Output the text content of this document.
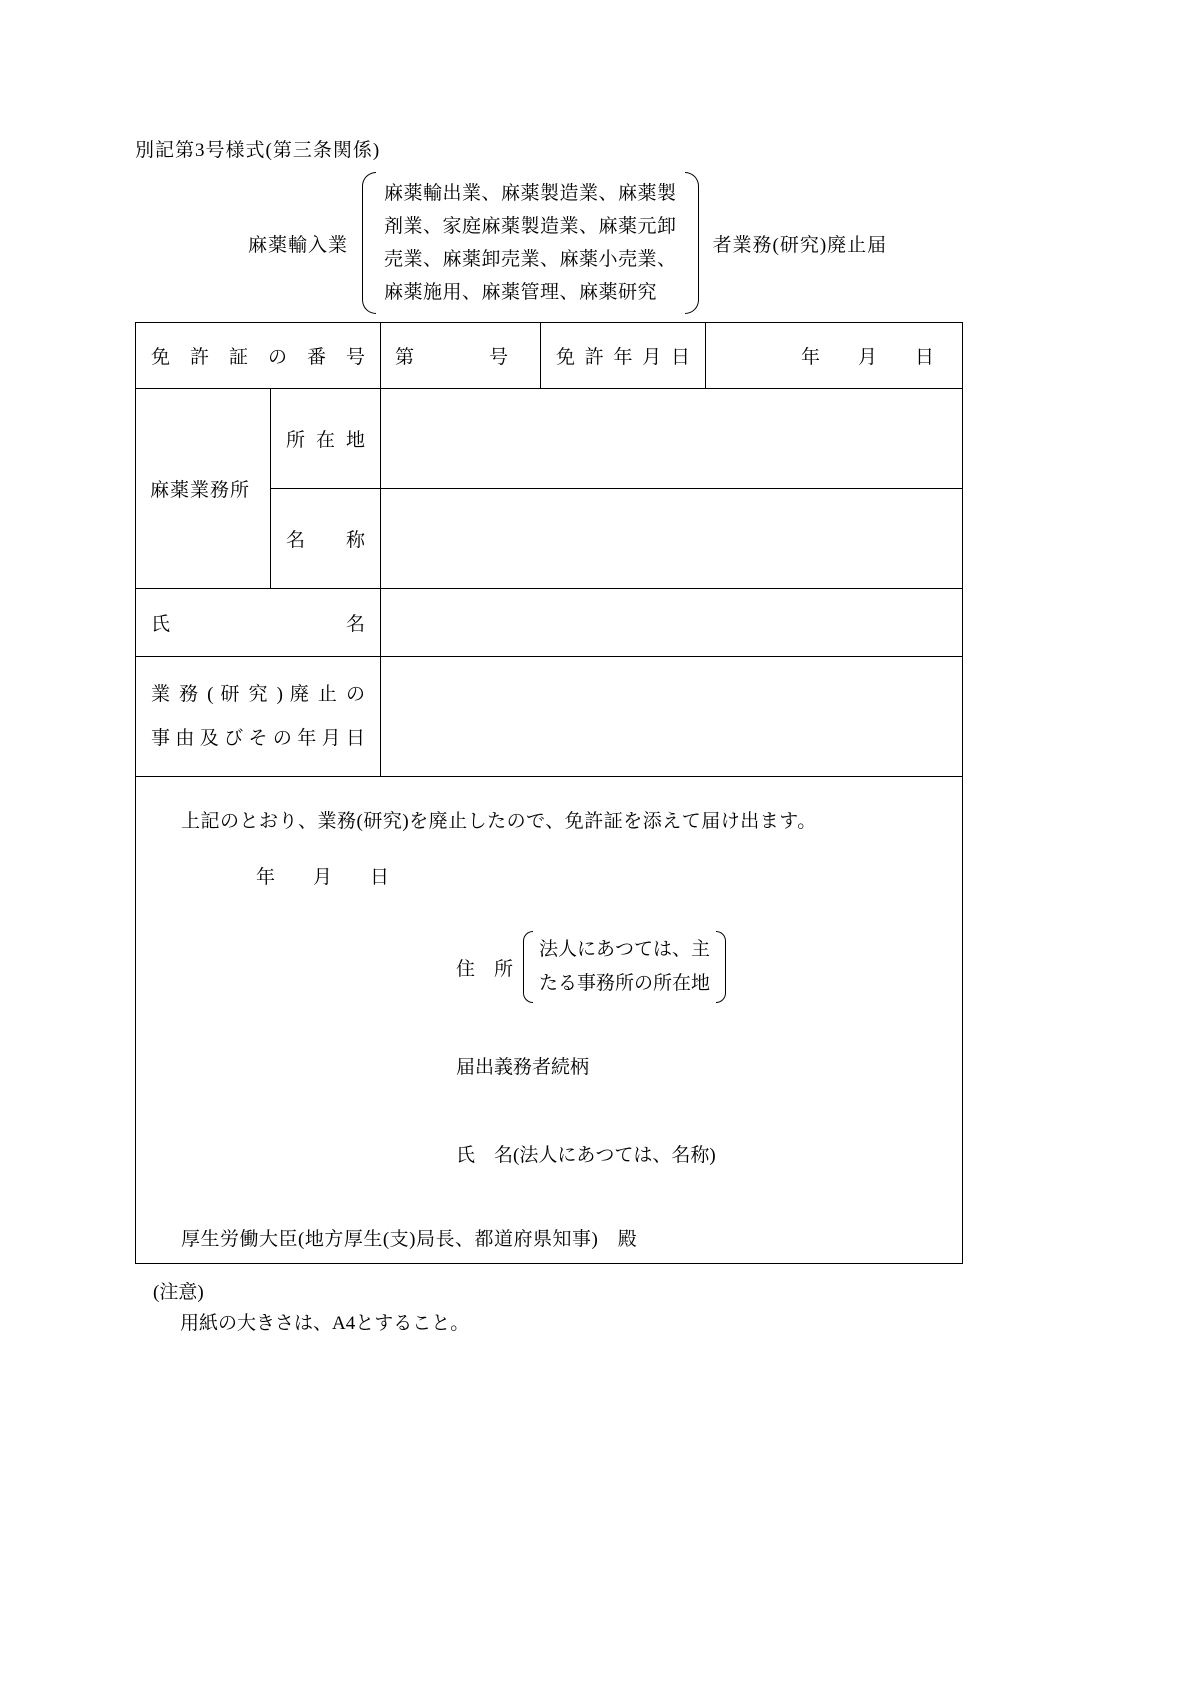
別記第3号様式(第三条関係)
麻薬輸入業
麻薬輸出業、麻薬製造業、麻薬製
剤業、家庭麻薬製造業、麻薬元卸
売業、麻薬卸売業、麻薬小売業、
麻薬施用、麻薬管理、麻薬研究
者業務(研究)廃止届
免 許 証 の 番 号		第 号	免 許 年 月 日	年　　月　　日
麻薬業務所	所 在 地			
	名 称			
氏 名				

業 務 ( 研 究 ) 廃 止 の
事 由 及 び そ の 年 月 日				

上記のとおり、業務(研究)を廃止したので、免許証を添えて届け出ます。
年　　月　　日
住　所
法人にあつては、主
たる事務所の所在地
届出義務者続柄
氏　名(法人にあつては、名称)
厚生労働大臣(地方厚生(支)局長、都道府県知事)　殿
(注意)
用紙の大きさは、A4とすること。
